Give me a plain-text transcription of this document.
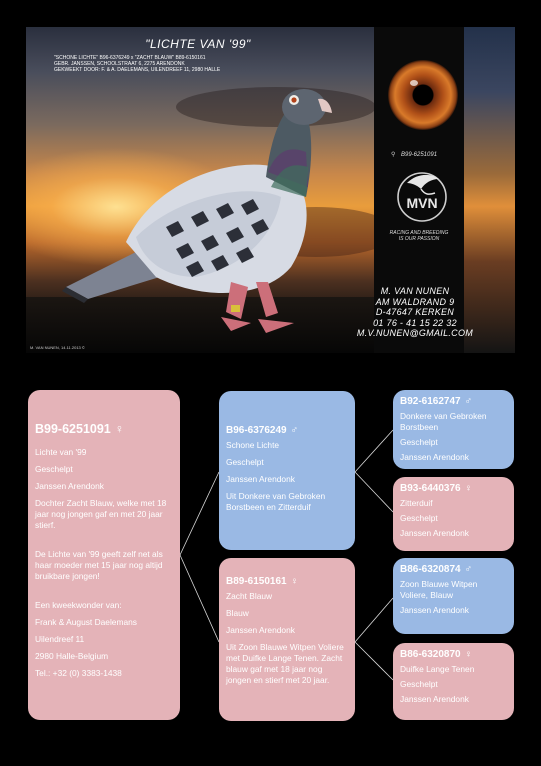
"LICHTE VAN '99"
"SCHONE LICHTE" B96-6376249 x "ZACHT BLAUW" B89-6150161
GEBR. JANSSEN, SCHOOLSTRAAT 6, 2275 ARENDONK
GEKWEEKT DOOR: F. & A. DAELEMANS, UILENDREEF 11, 2980 HALLE
M. VAN NUNEN, 14.11.2013 ©
⚲ B99-6251091
MVN
RACING AND BREEDING
IS OUR PASSION
M. VAN NUNEN
AM WALDRAND 9
D-47647 KERKEN
01 76 - 41 15 22 32
M.V.NUNEN@GMAIL.COM
B99-6251091 ♀

Lichte van '99

Geschelpt

Janssen Arendonk

Dochter Zacht Blauw, welke met 18 jaar nog jongen gaf en met 20 jaar stierf.

De Lichte van '99 geeft zelf net als haar moeder met 15 jaar nog altijd bruikbare jongen!

Een kweekwonder van:

Frank & August Daelemans

Uilendreef 11

2980 Halle-Belgium

Tel.: +32 (0) 3383-1438

B96-6376249 ♂

Schone Lichte

Geschelpt

Janssen Arendonk

Uit Donkere van Gebroken Borstbeen en Zitterduif

B89-6150161 ♀

Zacht Blauw

Blauw

Janssen Arendonk

Uit Zoon Blauwe Witpen Voliere met Duifke Lange Tenen. Zacht blauw gaf met 18 jaar nog jongen en stierf met 20 jaar.

B92-6162747 ♂

Donkere van Gebroken Borstbeen

Geschelpt

Janssen Arendonk

B93-6440376 ♀

Zitterduif

Geschelpt

Janssen Arendonk

B86-6320874 ♂

Zoon Blauwe Witpen Voliere, Blauw

Janssen Arendonk

B86-6320870 ♀

Duifke Lange Tenen

Geschelpt

Janssen Arendonk
